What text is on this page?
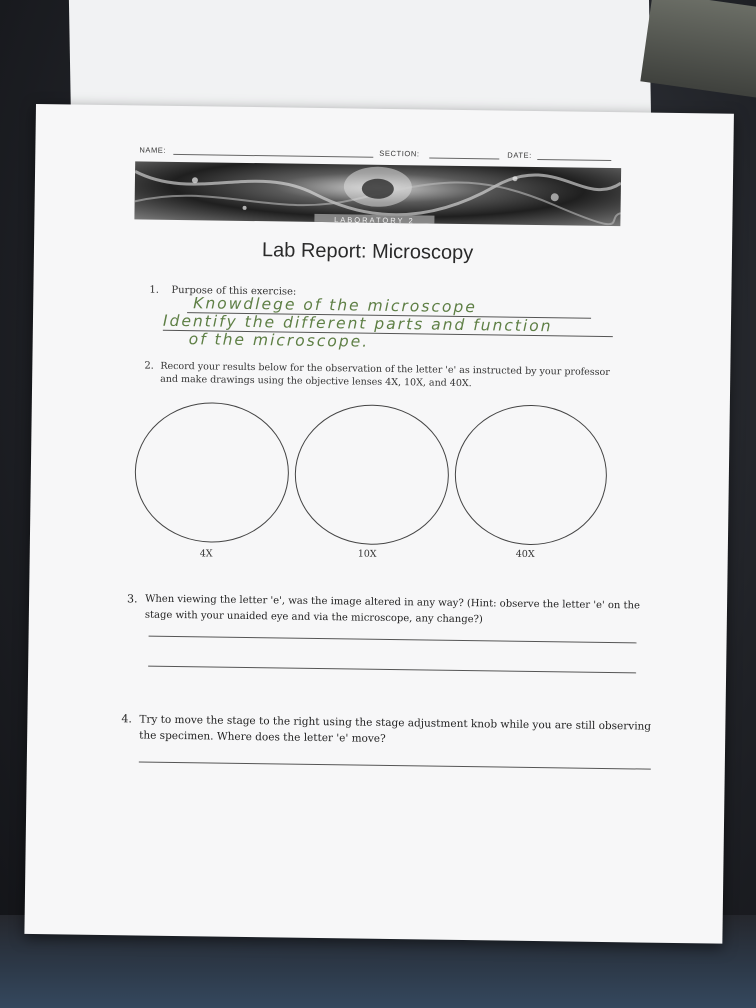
NAME:	SECTION:	DATE:
LABORATORY 2
Lab Report: Microscopy
1. Purpose of this exercise:
Knowdlege of the microscope
Identify the different parts and function
of the microscope.
2. Record your results below for the observation of the letter 'e' as instructed by your professor
and make drawings using the objective lenses 4X, 10X, and 40X.
4X	10X	40X
3. When viewing the letter 'e', was the image altered in any way? (Hint: observe the letter 'e' on the
stage with your unaided eye and via the microscope, any change?)
4. Try to move the stage to the right using the stage adjustment knob while you are still observing
the specimen. Where does the letter 'e' move?
